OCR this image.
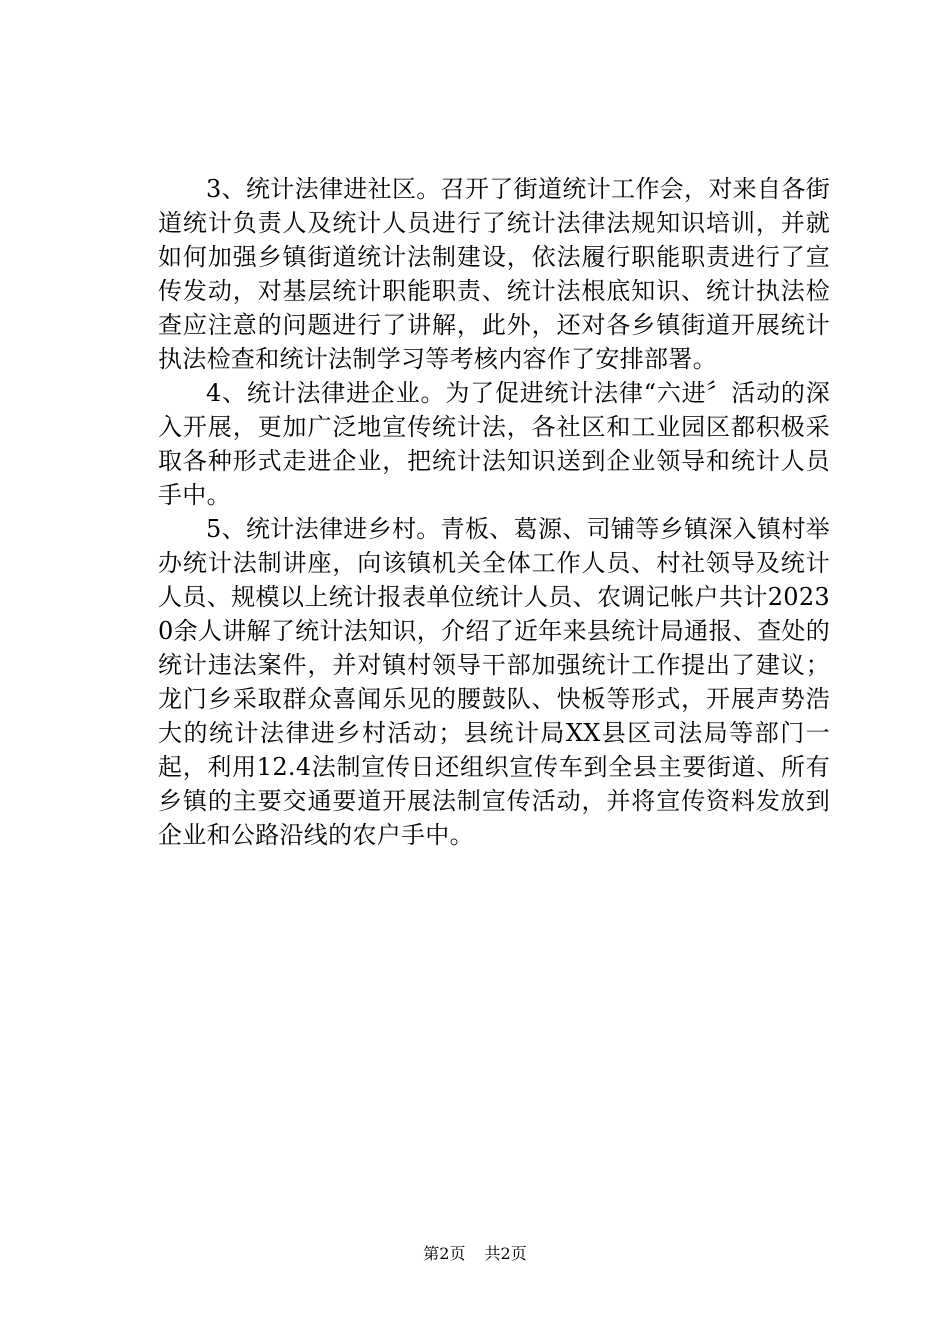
3、统计法律进社区。召开了街道统计工作会，对来自各街道统计负责人及统计人员进行了统计法律法规知识培训，并就如何加强乡镇街道统计法制建设，依法履行职能职责进行了宣传发动，对基层统计职能职责、统计法根底知识、统计执法检查应注意的问题进行了讲解，此外，还对各乡镇街道开展统计执法检查和统计法制学习等考核内容作了安排部署。

4、统计法律进企业。为了促进统计法律“六进〞活动的深入开展，更加广泛地宣传统计法，各社区和工业园区都积极采取各种形式走进企业，把统计法知识送到企业领导和统计人员手中。

5、统计法律进乡村。青板、葛源、司铺等乡镇深入镇村举办统计法制讲座，向该镇机关全体工作人员、村社领导及统计人员、规模以上统计报表单位统计人员、农调记帐户共计20230余人讲解了统计法知识，介绍了近年来县统计局通报、查处的统计违法案件，并对镇村领导干部加强统计工作提出了建议；龙门乡采取群众喜闻乐见的腰鼓队、快板等形式，开展声势浩大的统计法律进乡村活动；县统计局XX县区司法局等部门一起，利用12.4法制宣传日还组织宣传车到全县主要街道、所有乡镇的主要交通要道开展法制宣传活动，并将宣传资料发放到企业和公路沿线的农户手中。

第2页 共2页
